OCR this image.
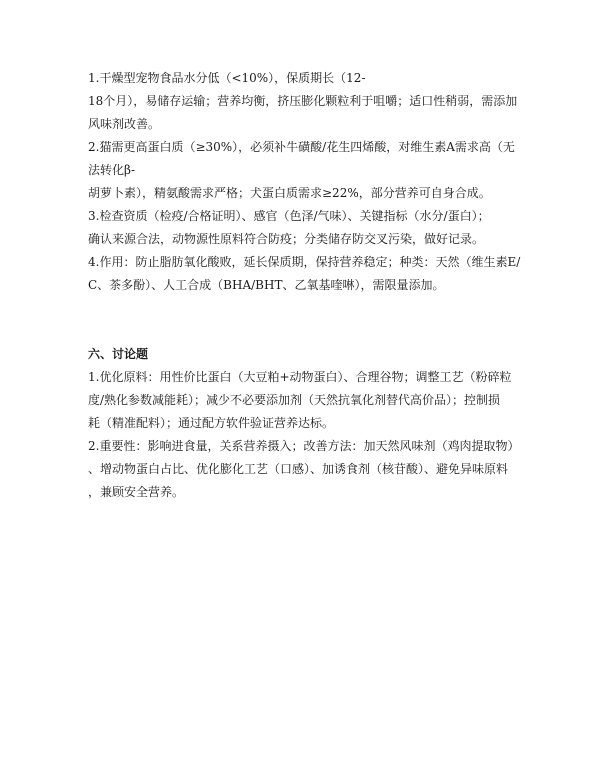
1.干燥型宠物食品水分低（<10%），保质期长（12-
18个月），易储存运输；营养均衡，挤压膨化颗粒利于咀嚼；适口性稍弱，需添加
风味剂改善。
2.猫需更高蛋白质（≥30%），必须补牛磺酸/花生四烯酸，对维生素A需求高（无
法转化β-
胡萝卜素），精氨酸需求严格；犬蛋白质需求≥22%，部分营养可自身合成。
3.检查资质（检疫/合格证明）、感官（色泽/气味）、关键指标（水分/蛋白）；
确认来源合法，动物源性原料符合防疫；分类储存防交叉污染，做好记录。
4.作用：防止脂肪氧化酸败，延长保质期，保持营养稳定；种类：天然（维生素E/
C、茶多酚）、人工合成（BHA/BHT、乙氧基喹啉），需限量添加。
六、讨论题
1.优化原料：用性价比蛋白（大豆粕+动物蛋白）、合理谷物；调整工艺（粉碎粒
度/熟化参数减能耗）；减少不必要添加剂（天然抗氧化剂替代高价品）；控制损
耗（精准配料）；通过配方软件验证营养达标。
2.重要性：影响进食量，关系营养摄入；改善方法：加天然风味剂（鸡肉提取物）
、增动物蛋白占比、优化膨化工艺（口感）、加诱食剂（核苷酸）、避免异味原料
，兼顾安全营养。
